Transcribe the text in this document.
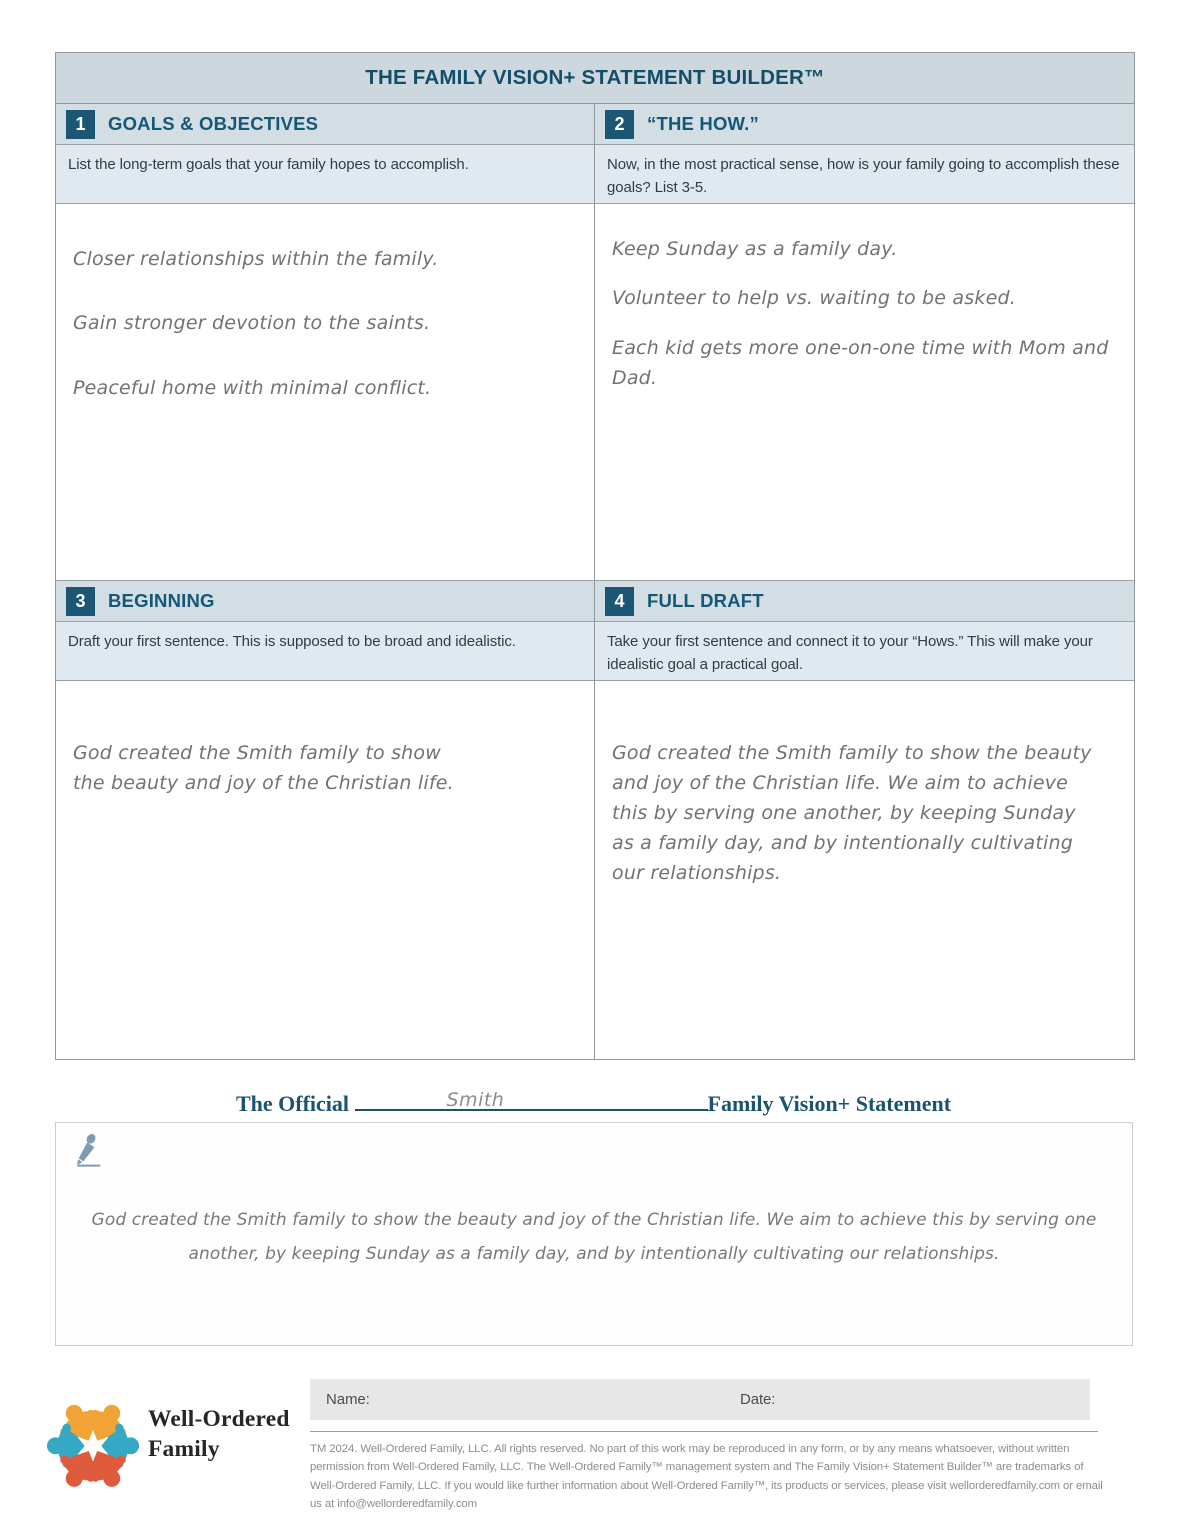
THE FAMILY VISION+ STATEMENT BUILDER™
1	GOALS & OBJECTIVES
List the long-term goals that your family hopes to accomplish.

Closer relationships within the family.

Gain stronger devotion to the saints.

Peaceful home with minimal conflict.

3	BEGINNING
Draft your first sentence. This is supposed to be broad and idealistic.

God created the Smith family to show the beauty and joy of the Christian life.

2	“THE HOW.”
Now, in the most practical sense, how is your family going to accomplish these goals? List 3-5.

Keep Sunday as a family day.

Volunteer to help vs. waiting to be asked.

Each kid gets more one-on-one time with Mom and Dad.

4	FULL DRAFT
Take your first sentence and connect it to your “Hows.” This will make your idealistic goal a practical goal.

God created the Smith family to show the beauty and joy of the Christian life. We aim to achieve this by serving one another, by keeping Sunday as a family day, and by intentionally cultivating our relationships.

The Official	Smith	Family Vision+ Statement
God created the Smith family to show the beauty and joy of the Christian life. We aim to achieve this by serving one another, by keeping Sunday as a family day, and by intentionally cultivating our relationships.
Well-Ordered
Family
Name:	Date:
TM 2024. Well-Ordered Family, LLC. All rights reserved. No part of this work may be reproduced in any form, or by any means whatsoever, without written permission from Well-Ordered Family, LLC. The Well-Ordered Family™ management system and The Family Vision+ Statement Builder™ are trademarks of Well-Ordered Family, LLC. If you would like further information about Well-Ordered Family™, its products or services, please visit wellorderedfamily.com or email us at info@wellorderedfamily.com
